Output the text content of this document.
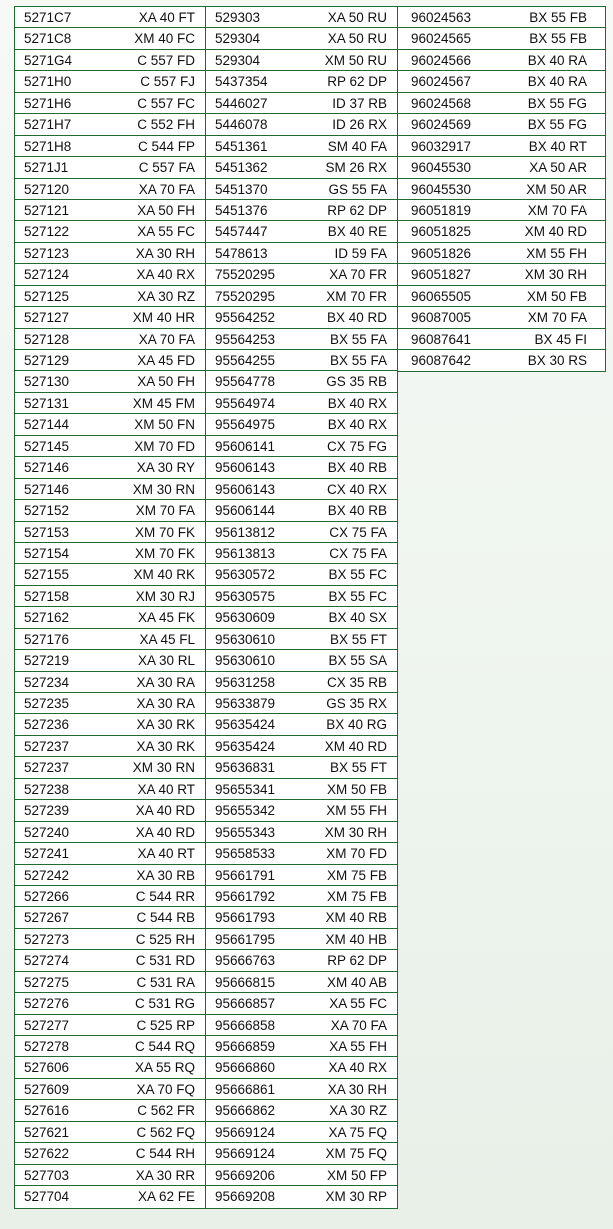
5271C7	XA 40 FT
5271C8	XM 40 FC
5271G4	C 557 FD
5271H0	C 557 FJ
5271H6	C 557 FC
5271H7	C 552 FH
5271H8	C 544 FP
5271J1	C 557 FA
527120	XA 70 FA
527121	XA 50 FH
527122	XA 55 FC
527123	XA 30 RH
527124	XA 40 RX
527125	XA 30 RZ
527127	XM 40 HR
527128	XA 70 FA
527129	XA 45 FD
527130	XA 50 FH
527131	XM 45 FM
527144	XM 50 FN
527145	XM 70 FD
527146	XA 30 RY
527146	XM 30 RN
527152	XM 70 FA
527153	XM 70 FK
527154	XM 70 FK
527155	XM 40 RK
527158	XM 30 RJ
527162	XA 45 FK
527176	XA 45 FL
527219	XA 30 RL
527234	XA 30 RA
527235	XA 30 RA
527236	XA 30 RK
527237	XA 30 RK
527237	XM 30 RN
527238	XA 40 RT
527239	XA 40 RD
527240	XA 40 RD
527241	XA 40 RT
527242	XA 30 RB
527266	C 544 RR
527267	C 544 RB
527273	C 525 RH
527274	C 531 RD
527275	C 531 RA
527276	C 531 RG
527277	C 525 RP
527278	C 544 RQ
527606	XA 55 RQ
527609	XA 70 FQ
527616	C 562 FR
527621	C 562 FQ
527622	C 544 RH
527703	XA 30 RR
527704	XA 62 FE
529303	XA 50 RU
529304	XA 50 RU
529304	XM 50 RU
5437354	RP 62 DP
5446027	ID 37 RB
5446078	ID 26 RX
5451361	SM 40 FA
5451362	SM 26 RX
5451370	GS 55 FA
5451376	RP 62 DP
5457447	BX 40 RE
5478613	ID 59 FA
75520295	XA 70 FR
75520295	XM 70 FR
95564252	BX 40 RD
95564253	BX 55 FA
95564255	BX 55 FA
95564778	GS 35 RB
95564974	BX 40 RX
95564975	BX 40 RX
95606141	CX 75 FG
95606143	BX 40 RB
95606143	CX 40 RX
95606144	BX 40 RB
95613812	CX 75 FA
95613813	CX 75 FA
95630572	BX 55 FC
95630575	BX 55 FC
95630609	BX 40 SX
95630610	BX 55 FT
95630610	BX 55 SA
95631258	CX 35 RB
95633879	GS 35 RX
95635424	BX 40 RG
95635424	XM 40 RD
95636831	BX 55 FT
95655341	XM 50 FB
95655342	XM 55 FH
95655343	XM 30 RH
95658533	XM 70 FD
95661791	XM 75 FB
95661792	XM 75 FB
95661793	XM 40 RB
95661795	XM 40 HB
95666763	RP 62 DP
95666815	XM 40 AB
95666857	XA 55 FC
95666858	XA 70 FA
95666859	XA 55 FH
95666860	XA 40 RX
95666861	XA 30 RH
95666862	XA 30 RZ
95669124	XA 75 FQ
95669124	XM 75 FQ
95669206	XM 50 FP
95669208	XM 30 RP
96024563	BX 55 FB
96024565	BX 55 FB
96024566	BX 40 RA
96024567	BX 40 RA
96024568	BX 55 FG
96024569	BX 55 FG
96032917	BX 40 RT
96045530	XA 50 AR
96045530	XM 50 AR
96051819	XM 70 FA
96051825	XM 40 RD
96051826	XM 55 FH
96051827	XM 30 RH
96065505	XM 50 FB
96087005	XM 70 FA
96087641	BX 45 FI
96087642	BX 30 RS
